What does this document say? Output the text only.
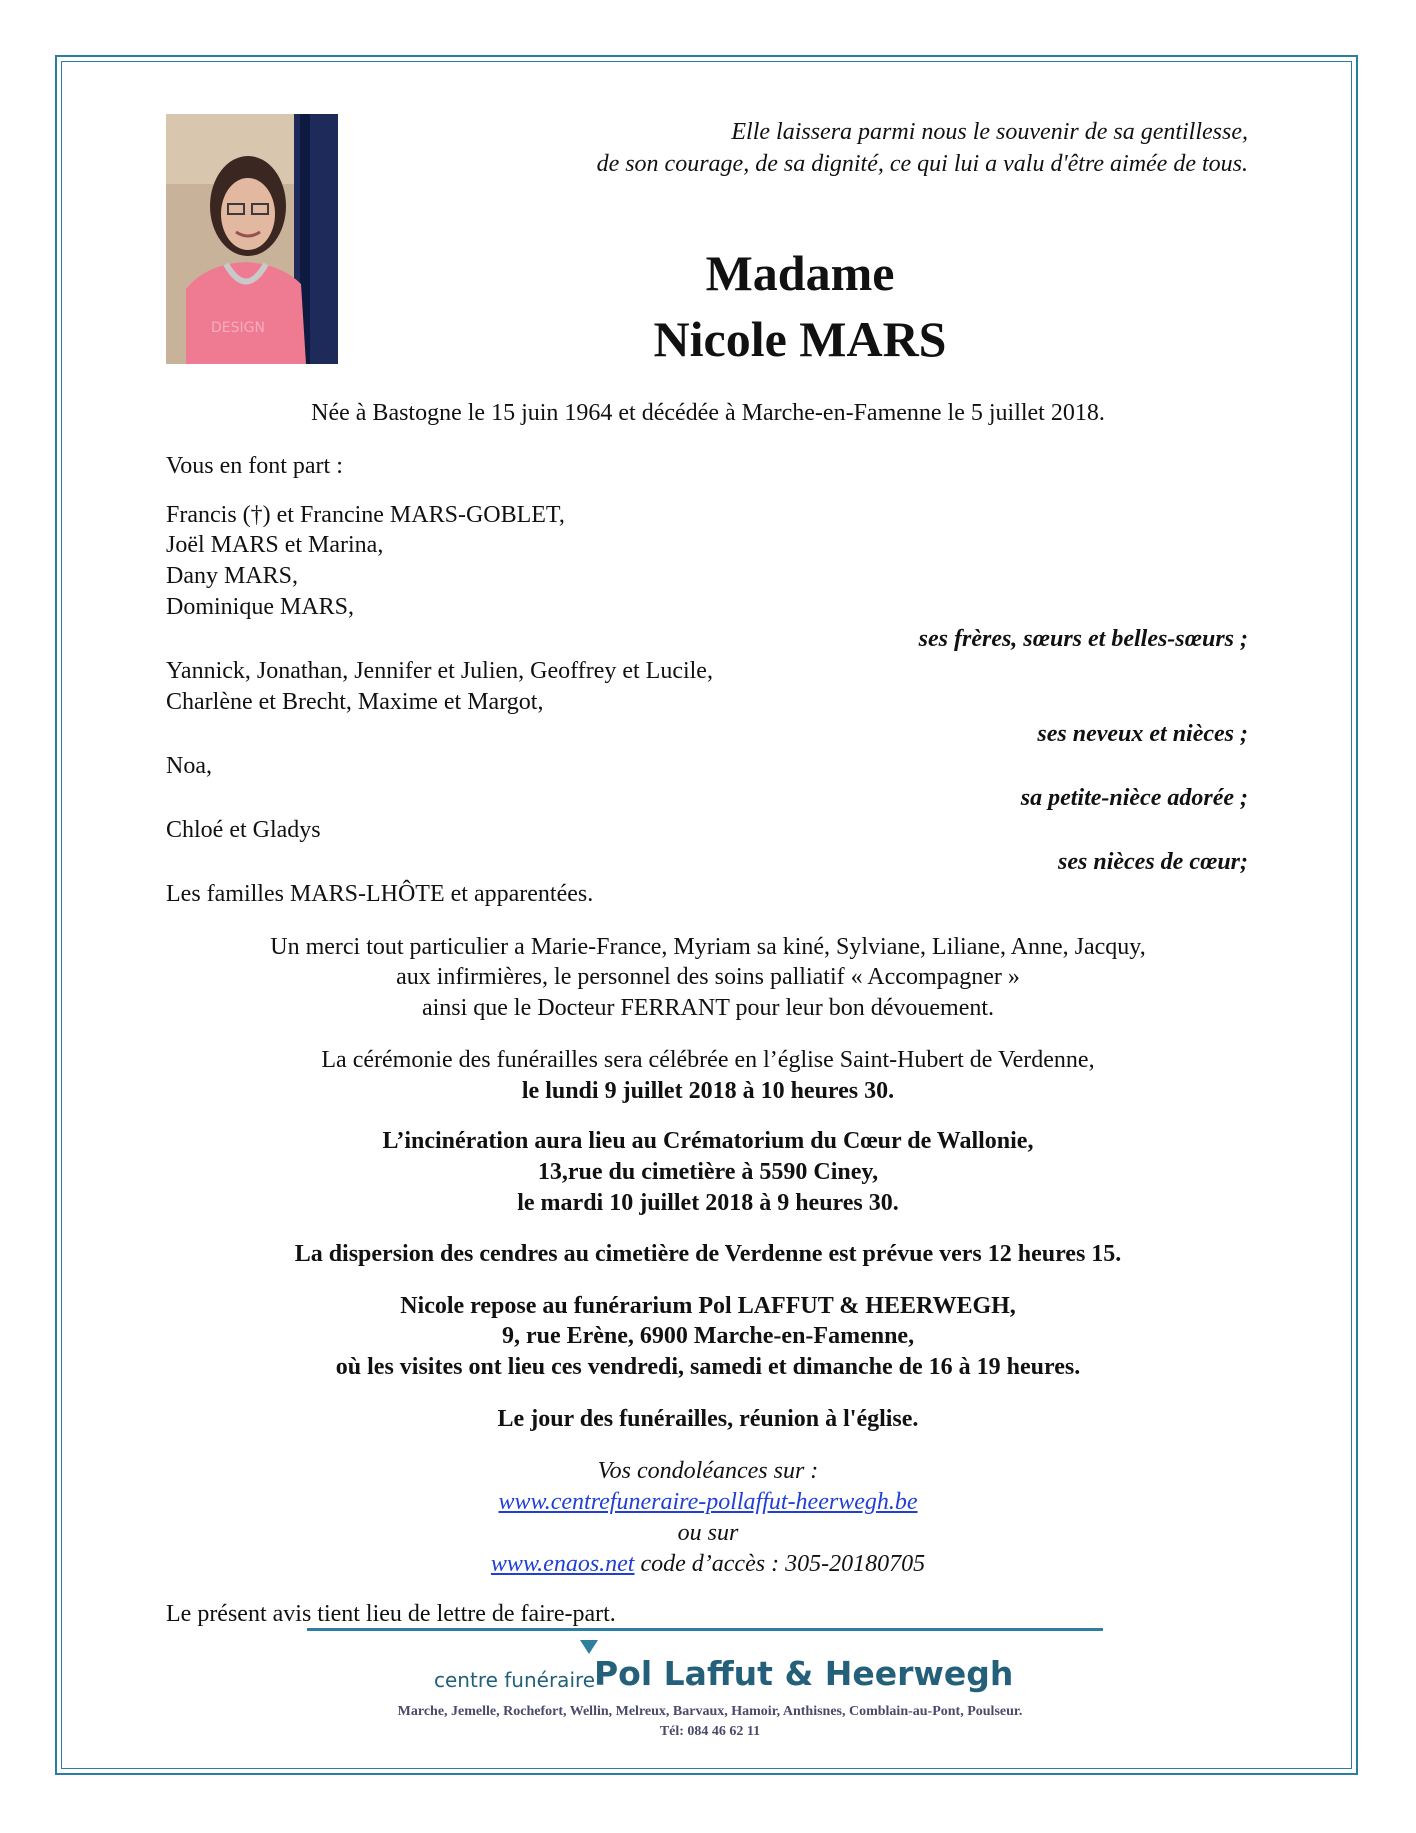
DESIGN
Elle laissera parmi nous le souvenir de sa gentillesse,
de son courage, de sa dignité, ce qui lui a valu d'être aimée de tous.
Madame
Nicole MARS
Née à Bastogne le 15 juin 1964 et décédée à Marche-en-Famenne le 5 juillet 2018.
Vous en font part :
Francis (†) et Francine MARS-GOBLET,
Joël MARS et Marina,
Dany MARS,
Dominique MARS,
ses frères, sœurs et belles-sœurs ;
Yannick, Jonathan, Jennifer et Julien, Geoffrey et Lucile,
Charlène et Brecht, Maxime et Margot,
ses neveux et nièces ;
Noa,
sa petite-nièce adorée ;
Chloé et Gladys
ses nièces de cœur;
Les familles MARS-LHÔTE et apparentées.
Un merci tout particulier a Marie-France, Myriam sa kiné, Sylviane, Liliane, Anne, Jacquy,
aux infirmières, le personnel des soins palliatif « Accompagner »
ainsi que le Docteur FERRANT pour leur bon dévouement.
La cérémonie des funérailles sera célébrée en l’église Saint-Hubert de Verdenne,
le lundi 9 juillet 2018 à 10 heures 30.
L’incinération aura lieu au Crématorium du Cœur de Wallonie,
13,rue du cimetière à 5590 Ciney,
le mardi 10 juillet 2018 à 9 heures 30.
La dispersion des cendres au cimetière de Verdenne est prévue vers 12 heures 15.
Nicole repose au funérarium Pol LAFFUT & HEERWEGH,
9, rue Erène, 6900 Marche-en-Famenne,
où les visites ont lieu ces vendredi, samedi et dimanche de 16 à 19 heures.
Le jour des funérailles, réunion à l'église.
Vos condoléances sur :
www.centrefuneraire-pollaffut-heerwegh.be
ou sur
www.enaos.net code d’accès : 305-20180705
Le présent avis tient lieu de lettre de faire-part.
centre funéraire
Pol Laffut & Heerwegh
Marche, Jemelle, Rochefort, Wellin, Melreux, Barvaux, Hamoir, Anthisnes, Comblain-au-Pont, Poulseur.
Tél: 084 46 62 11
